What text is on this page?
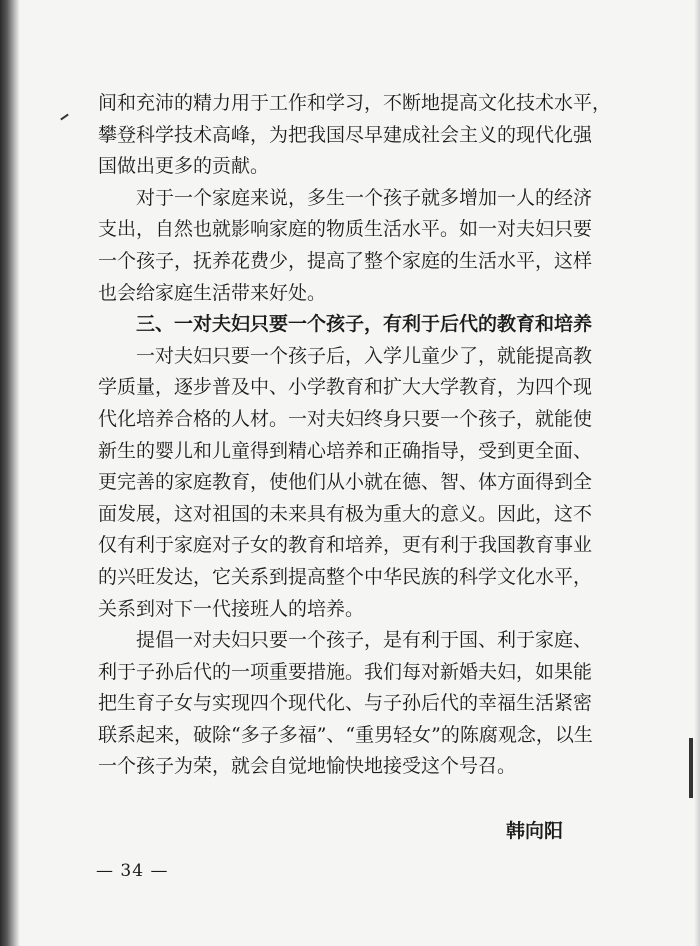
间和充沛的精力用于工作和学习，不断地提高文化技术水平，
攀登科学技术高峰，为把我国尽早建成社会主义的现代化强
国做出更多的贡献。
对于一个家庭来说，多生一个孩子就多增加一人的经济
支出，自然也就影响家庭的物质生活水平。如一对夫妇只要
一个孩子，抚养花费少，提高了整个家庭的生活水平，这样
也会给家庭生活带来好处。
三、一对夫妇只要一个孩子，有利于后代的教育和培养
一对夫妇只要一个孩子后，入学儿童少了，就能提高教
学质量，逐步普及中、小学教育和扩大大学教育，为四个现
代化培养合格的人材。一对夫妇终身只要一个孩子，就能使
新生的婴儿和儿童得到精心培养和正确指导，受到更全面、
更完善的家庭教育，使他们从小就在德、智、体方面得到全
面发展，这对祖国的未来具有极为重大的意义。因此，这不
仅有利于家庭对子女的教育和培养，更有利于我国教育事业
的兴旺发达，它关系到提高整个中华民族的科学文化水平，
关系到对下一代接班人的培养。
提倡一对夫妇只要一个孩子，是有利于国、利于家庭、
利于子孙后代的一项重要措施。我们每对新婚夫妇，如果能
把生育子女与实现四个现代化、与子孙后代的幸福生活紧密
联系起来，破除“多子多福”、“重男轻女”的陈腐观念，以生
一个孩子为荣，就会自觉地愉快地接受这个号召。
韩向阳
— 34 —
